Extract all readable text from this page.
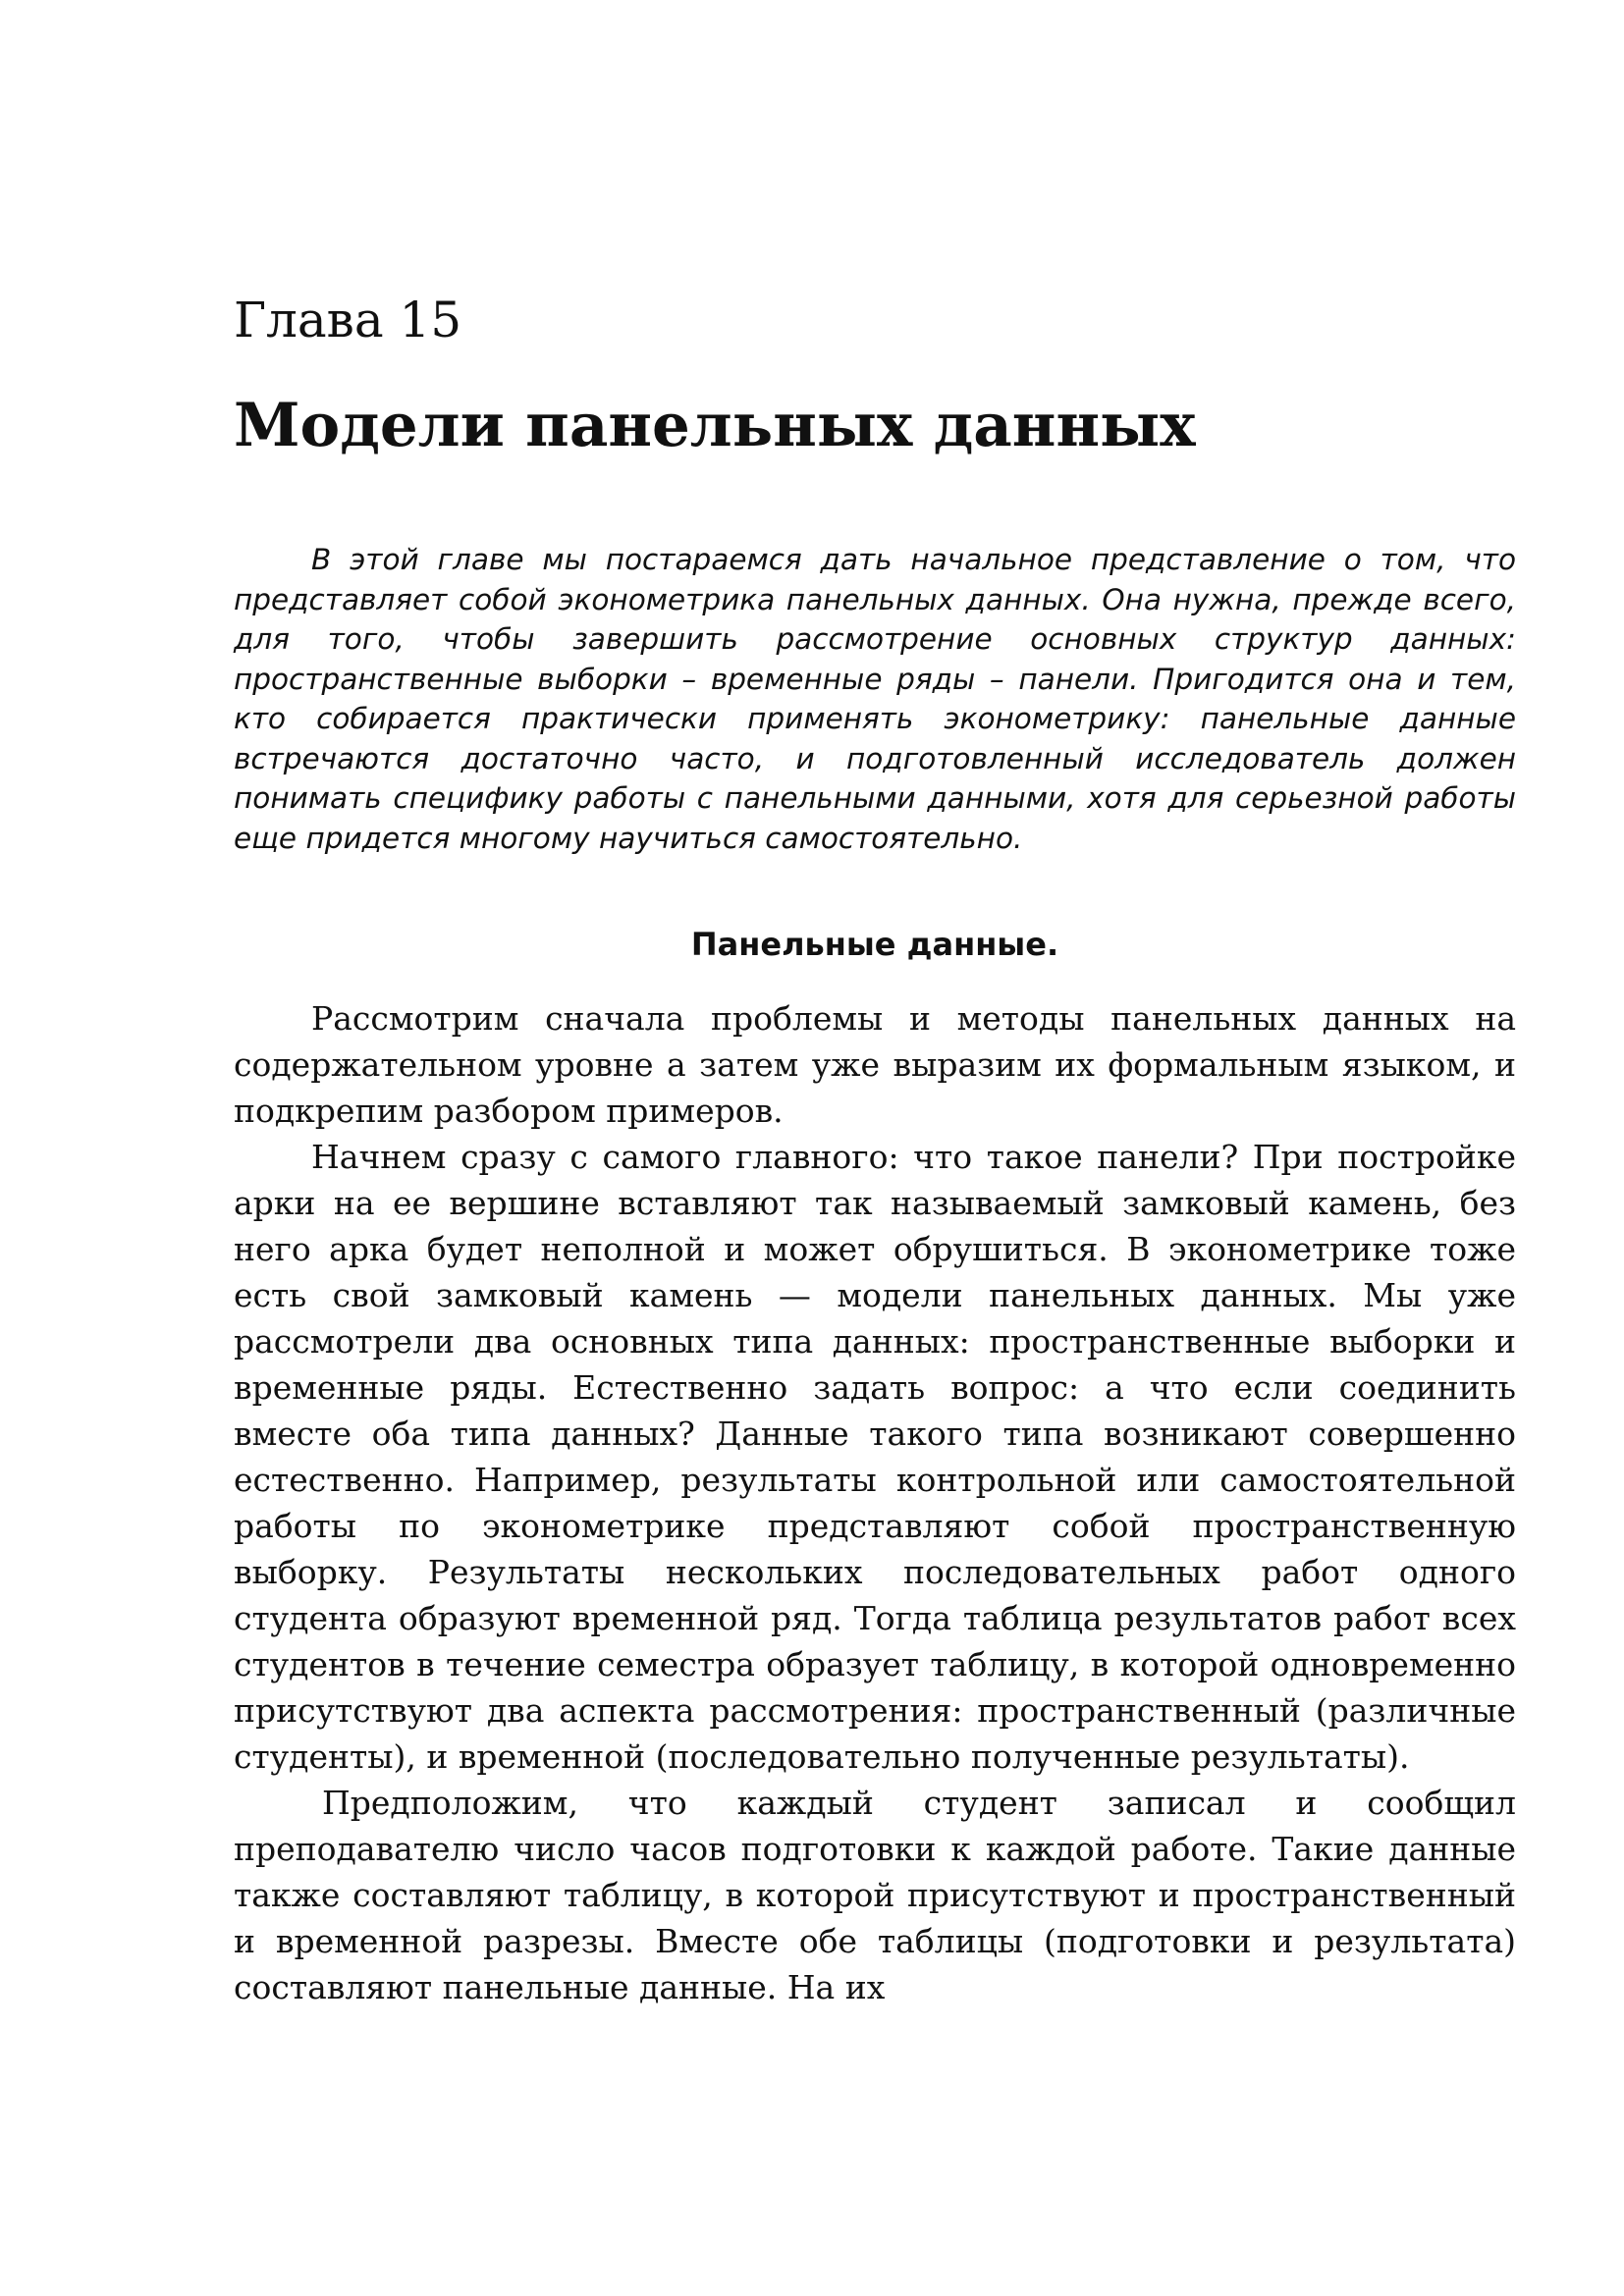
Глава 15
Модели панельных данных

В этой главе мы постараемся дать начальное представление о том, что представляет собой эконометрика панельных данных. Она нужна, прежде всего, для того, чтобы завершить рассмотрение основных структур данных: пространственные выборки – временные ряды – панели. Пригодится она и тем, кто собирается практически применять эконометрику: панельные данные встречаются достаточно часто, и подготовленный исследователь должен понимать специфику работы с панельными данными, хотя для серьезной работы еще придется многому научиться самостоятельно.

Панельные данные.

Рассмотрим сначала проблемы и методы панельных данных на содержательном уровне а затем уже выразим их формальным языком, и подкрепим разбором примеров.

Начнем сразу с самого главного: что такое панели? При постройке арки на ее вершине вставляют так называемый замковый камень, без него арка будет неполной и может обрушиться. В эконометрике тоже есть свой замковый камень — модели панельных данных. Мы уже рассмотрели два основных типа данных: пространственные выборки и временные ряды. Естественно задать вопрос: а что если соединить вместе оба типа данных? Данные такого типа возникают совершенно естественно. Например, результаты контрольной или самостоятельной работы по эконометрике представляют собой пространственную выборку. Результаты нескольких последовательных работ одного студента образуют временной ряд. Тогда таблица результатов работ всех студентов в течение семестра образует таблицу, в которой одновременно присутствуют два аспекта рассмотрения: пространственный (различные студенты), и временной (последовательно полученные результаты).

Предположим, что каждый студент записал и сообщил преподавателю число часов подготовки к каждой работе. Такие данные также составляют таблицу, в которой присутствуют и пространственный и временной разрезы. Вместе обе таблицы (подготовки и результата) составляют панельные данные. На их
